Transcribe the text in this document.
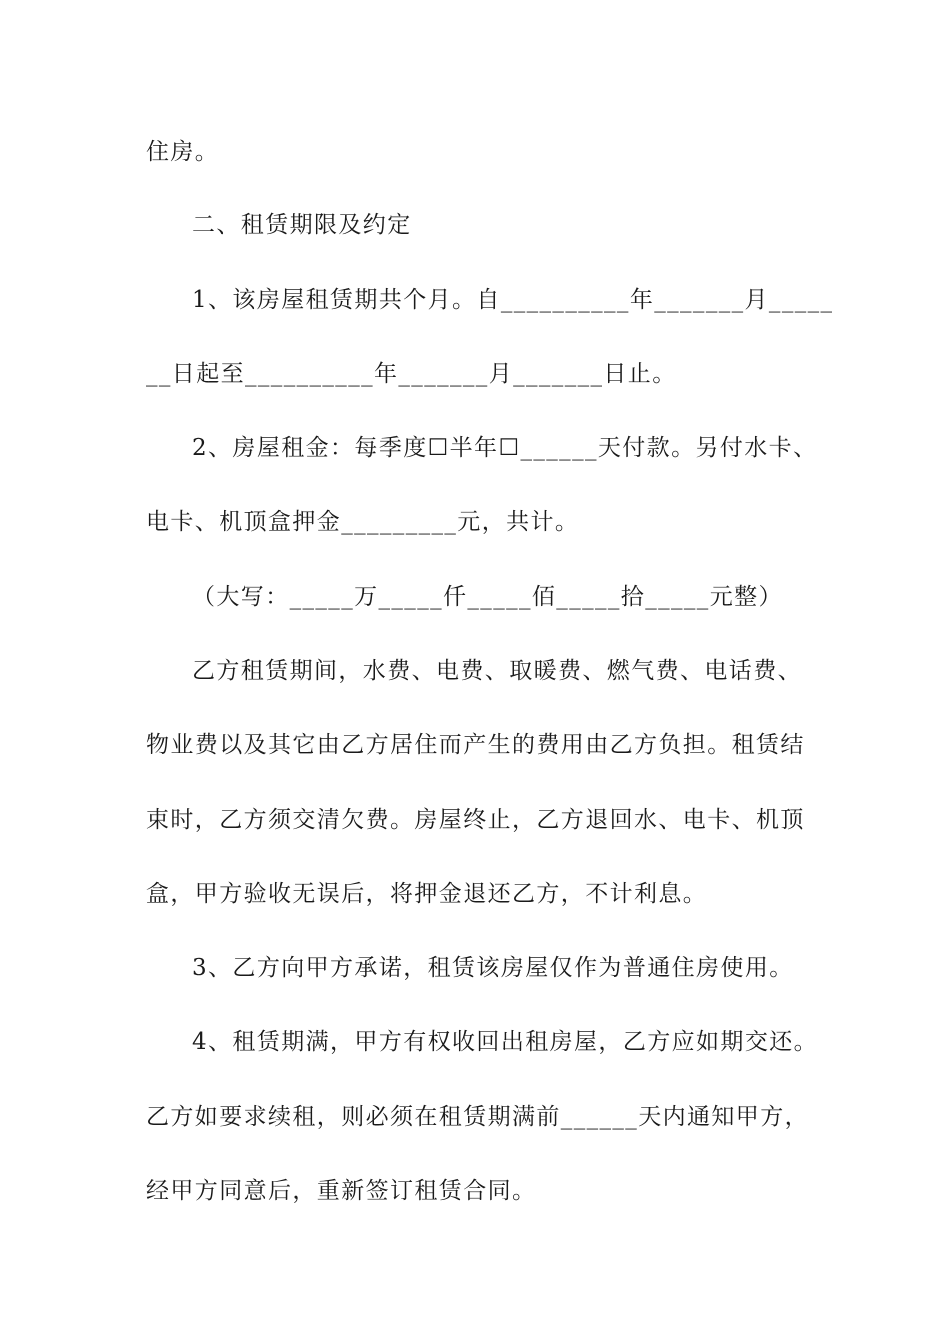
住房。
二、租赁期限及约定
1、该房屋租赁期共个月。自__________年_______月_____
__日起至__________年_______月_______日止。
2、房屋租金：每季度☐半年☐______天付款。另付水卡、
电卡、机顶盒押金_________元，共计。
（大写：_____万_____仟_____佰_____拾_____元整）
乙方租赁期间，水费、电费、取暖费、燃气费、电话费、
物业费以及其它由乙方居住而产生的费用由乙方负担。租赁结
束时，乙方须交清欠费。房屋终止，乙方退回水、电卡、机顶
盒，甲方验收无误后，将押金退还乙方，不计利息。
3、乙方向甲方承诺，租赁该房屋仅作为普通住房使用。
4、租赁期满，甲方有权收回出租房屋，乙方应如期交还。
乙方如要求续租，则必须在租赁期满前______天内通知甲方，
经甲方同意后，重新签订租赁合同。
